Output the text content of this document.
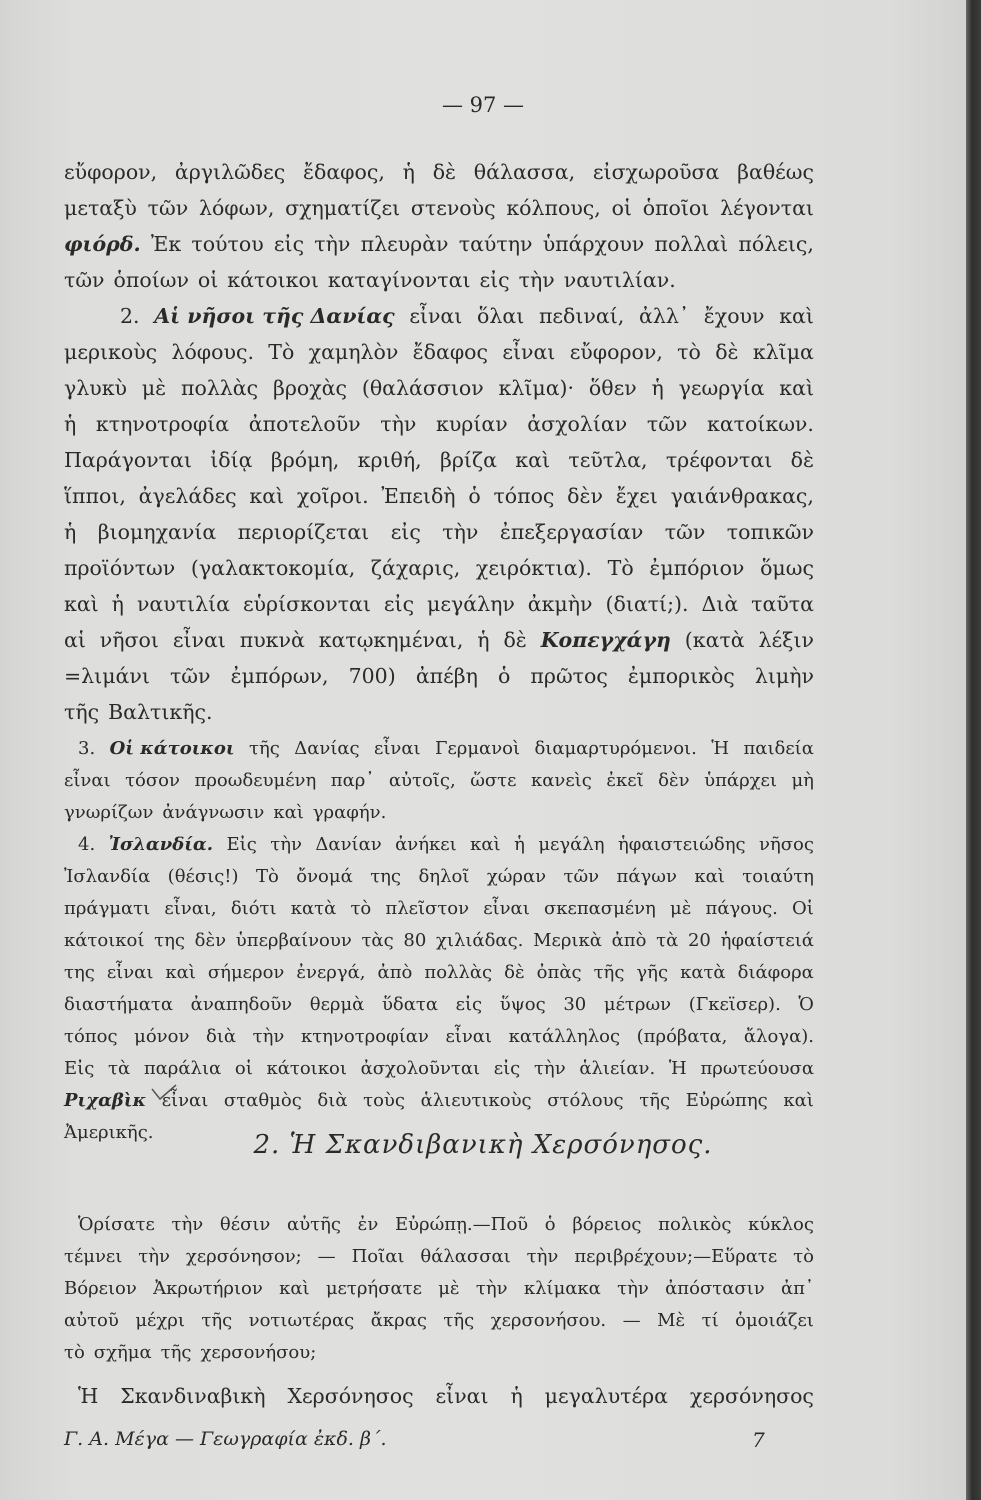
— 97 —
εὔφορον, ἀργιλῶδες ἔδαφος, ἡ δὲ θάλασσα, εἰσχωροῦσα βαθέως
μεταξὺ τῶν λόφων, σχηματίζει στενοὺς κόλπους, οἱ ὁποῖοι λέγονται
φιόρδ. Ἐκ τούτου εἰς τὴν πλευρὰν ταύτην ὑπάρχουν πολλαὶ πόλεις,
τῶν ὁποίων οἱ κάτοικοι καταγίνονται εἰς τὴν ναυτιλίαν.
2. Αἱ νῆσοι τῆς Δανίας εἶναι ὅλαι πεδιναί, ἀλλ᾽ ἔχουν καὶ
μερικοὺς λόφους. Τὸ χαμηλὸν ἔδαφος εἶναι εὔφορον, τὸ δὲ κλῖμα
γλυκὺ μὲ πολλὰς βροχὰς (θαλάσσιον κλῖμα)· ὅθεν ἡ γεωργία καὶ
ἡ κτηνοτροφία ἀποτελοῦν τὴν κυρίαν ἀσχολίαν τῶν κατοίκων.
Παράγονται ἰδίᾳ βρόμη, κριθή, βρίζα καὶ τεῦτλα, τρέφονται δὲ
ἵπποι, ἀγελάδες καὶ χοῖροι. Ἐπειδὴ ὁ τόπος δὲν ἔχει γαιάνθρακας,
ἡ βιομηχανία περιορίζεται εἰς τὴν ἐπεξεργασίαν τῶν τοπικῶν
προϊόντων (γαλακτοκομία, ζάχαρις, χειρόκτια). Τὸ ἐμπόριον ὅμως
καὶ ἡ ναυτιλία εὑρίσκονται εἰς μεγάλην ἀκμὴν (διατί;). Διὰ ταῦτα
αἱ νῆσοι εἶναι πυκνὰ κατῳκημέναι, ἡ δὲ Κοπεγχάγη (κατὰ λέξιν
=λιμάνι τῶν ἐμπόρων, 700) ἀπέβη ὁ πρῶτος ἐμπορικὸς λιμὴν
τῆς Βαλτικῆς.
3. Οἱ κάτοικοι τῆς Δανίας εἶναι Γερμανοὶ διαμαρτυρόμενοι. Ἡ παιδεία
εἶναι τόσον προωδευμένη παρ᾽ αὐτοῖς, ὥστε κανεὶς ἐκεῖ δὲν ὑπάρχει μὴ
γνωρίζων ἀνάγνωσιν καὶ γραφήν.
4. Ἰσλανδία. Εἰς τὴν Δανίαν ἀνήκει καὶ ἡ μεγάλη ἡφαιστειώδης νῆσος
Ἰσλανδία (θέσις!) Τὸ ὄνομά της δηλοῖ χώραν τῶν πάγων καὶ τοιαύτη
πράγματι εἶναι, διότι κατὰ τὸ πλεῖστον εἶναι σκεπασμένη μὲ πάγους. Οἱ
κάτοικοί της δὲν ὑπερβαίνουν τὰς 80 χιλιάδας. Μερικὰ ἀπὸ τὰ 20 ἡφαίστειά
της εἶναι καὶ σήμερον ἐνεργά, ἀπὸ πολλὰς δὲ ὀπὰς τῆς γῆς κατὰ διάφορα
διαστήματα ἀναπηδοῦν θερμὰ ὕδατα εἰς ὕψος 30 μέτρων (Γκεϊσερ). Ὁ
τόπος μόνον διὰ τὴν κτηνοτροφίαν εἶναι κατάλληλος (πρόβατα, ἄλογα).
Εἰς τὰ παράλια οἱ κάτοικοι ἀσχολοῦνται εἰς τὴν ἁλιείαν. Ἡ πρωτεύουσα
Ριχαβὶκ εἶναι σταθμὸς διὰ τοὺς ἁλιευτικοὺς στόλους τῆς Εὐρώπης καὶ
Ἀμερικῆς.
Ὁρίσατε τὴν θέσιν αὐτῆς ἐν Εὐρώπῃ.—Ποῦ ὁ βόρειος πολικὸς κύκλος
τέμνει τὴν χερσόνησον; — Ποῖαι θάλασσαι τὴν περιβρέχουν;—Εὕρατε τὸ
Βόρειον Ἀκρωτήριον καὶ μετρήσατε μὲ τὴν κλίμακα τὴν ἀπόστασιν ἀπ᾽
αὐτοῦ μέχρι τῆς νοτιωτέρας ἄκρας τῆς χερσονήσου. — Μὲ τί ὁμοιάζει
τὸ σχῆμα τῆς χερσονήσου;
Ἡ Σκανδιναβικὴ Χερσόνησος εἶναι ἡ μεγαλυτέρα χερσόνησος
2. Ἡ Σκανδιβανικὴ Χερσόνησος.
Γ. Α. Μέγα — Γεωγραφία ἐκδ. β΄.	7
